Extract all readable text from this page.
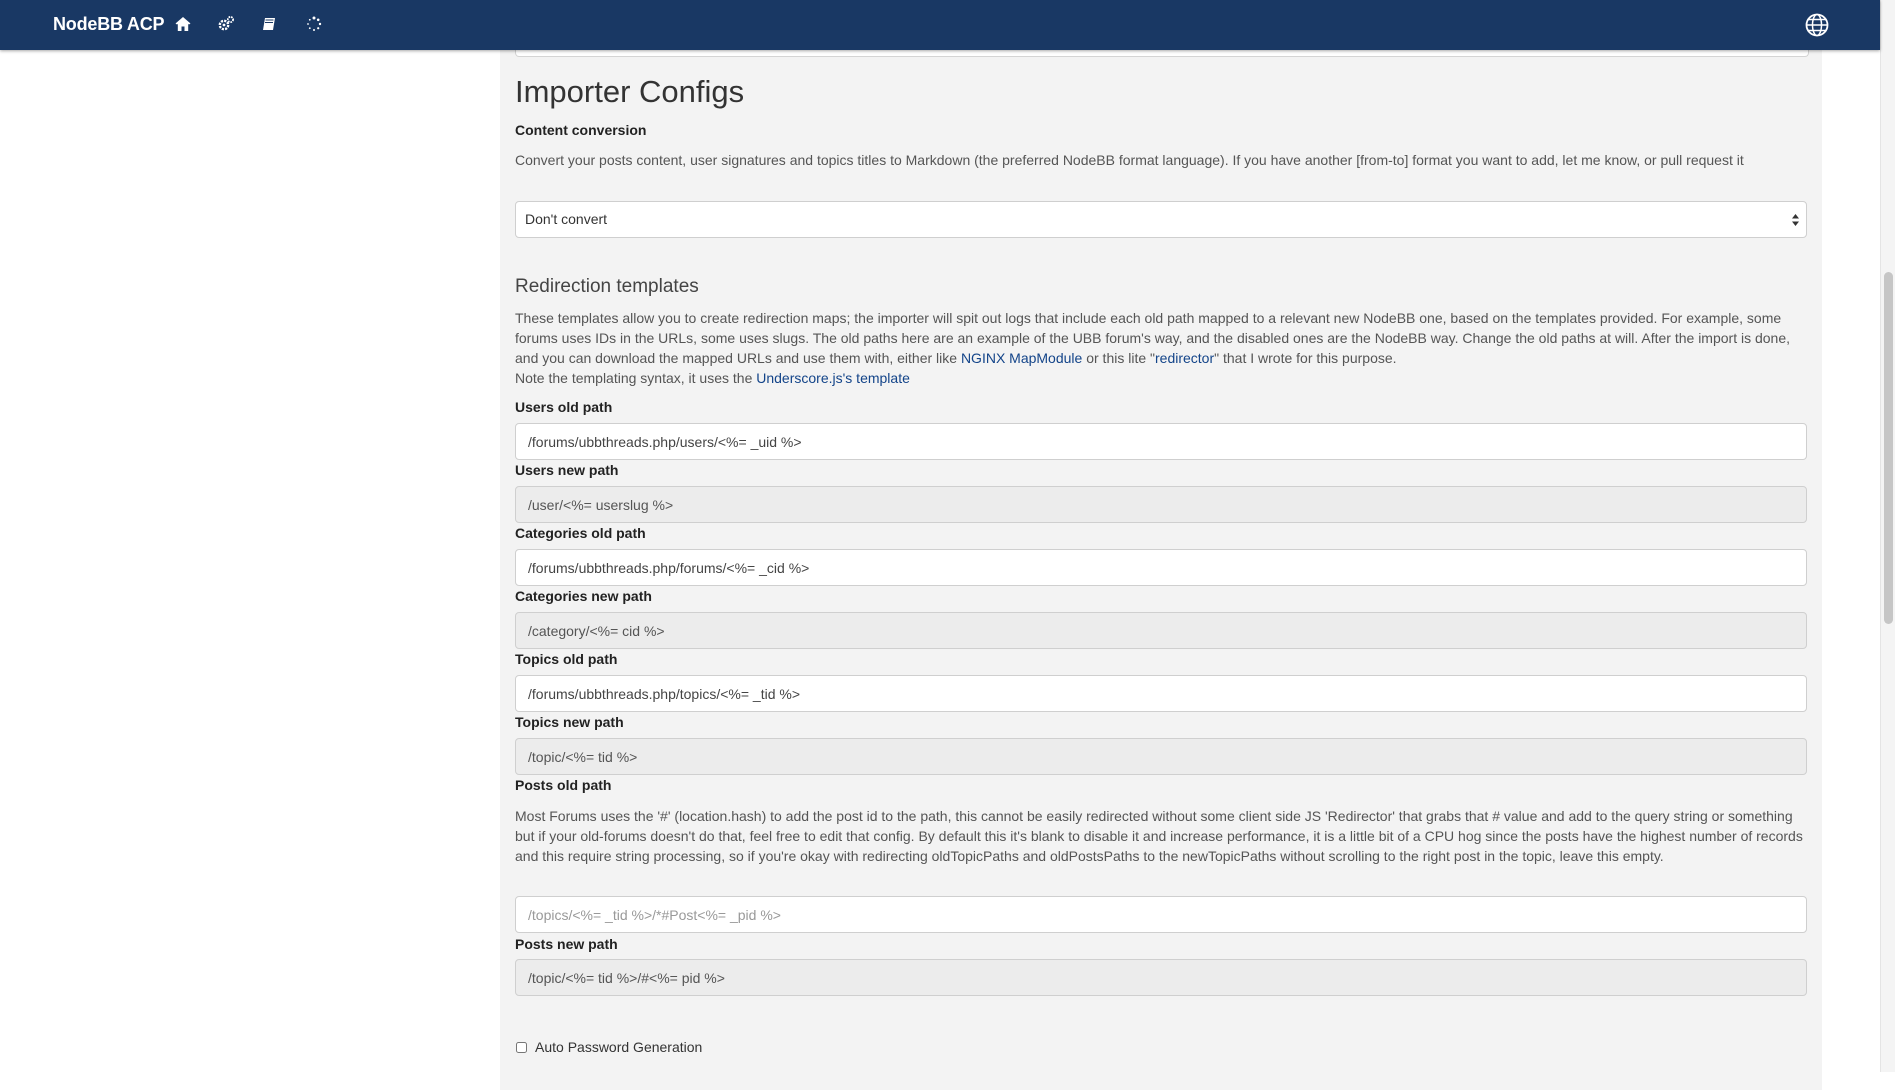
NodeBB ACP
Importer Configs
Content conversion
Convert your posts content, user signatures and topics titles to Markdown (the preferred NodeBB format language). If you have another [from-to] format you want to add, let me know, or pull request it
Don't convert
Redirection templates
These templates allow you to create redirection maps; the importer will spit out logs that include each old path mapped to a relevant new NodeBB one, based on the templates provided. For example, some forums uses IDs in the URLs, some uses slugs. The old paths here are an example of the UBB forum's way, and the disabled ones are the NodeBB way. Change the old paths at will. After the import is done, and you can download the mapped URLs and use them with, either like NGINX MapModule or this lite "redirector" that I wrote for this purpose.
Note the templating syntax, it uses the Underscore.js's template
Users old path
/forums/ubbthreads.php/users/<%= _uid %>
Users new path
/user/<%= userslug %>
Categories old path
/forums/ubbthreads.php/forums/<%= _cid %>
Categories new path
/category/<%= cid %>
Topics old path
/forums/ubbthreads.php/topics/<%= _tid %>
Topics new path
/topic/<%= tid %>
Posts old path
Most Forums uses the '#' (location.hash) to add the post id to the path, this cannot be easily redirected without some client side JS 'Redirector' that grabs that # value and add to the query string or something but if your old-forums doesn't do that, feel free to edit that config. By default this it's blank to disable it and increase performance, it is a little bit of a CPU hog since the posts have the highest number of records and this require string processing, so if you're okay with redirecting oldTopicPaths and oldPostsPaths to the newTopicPaths without scrolling to the right post in the topic, leave this empty.
/topics/<%= _tid %>/*#Post<%= _pid %>
Posts new path
/topic/<%= tid %>/#<%= pid %>
Auto Password Generation
